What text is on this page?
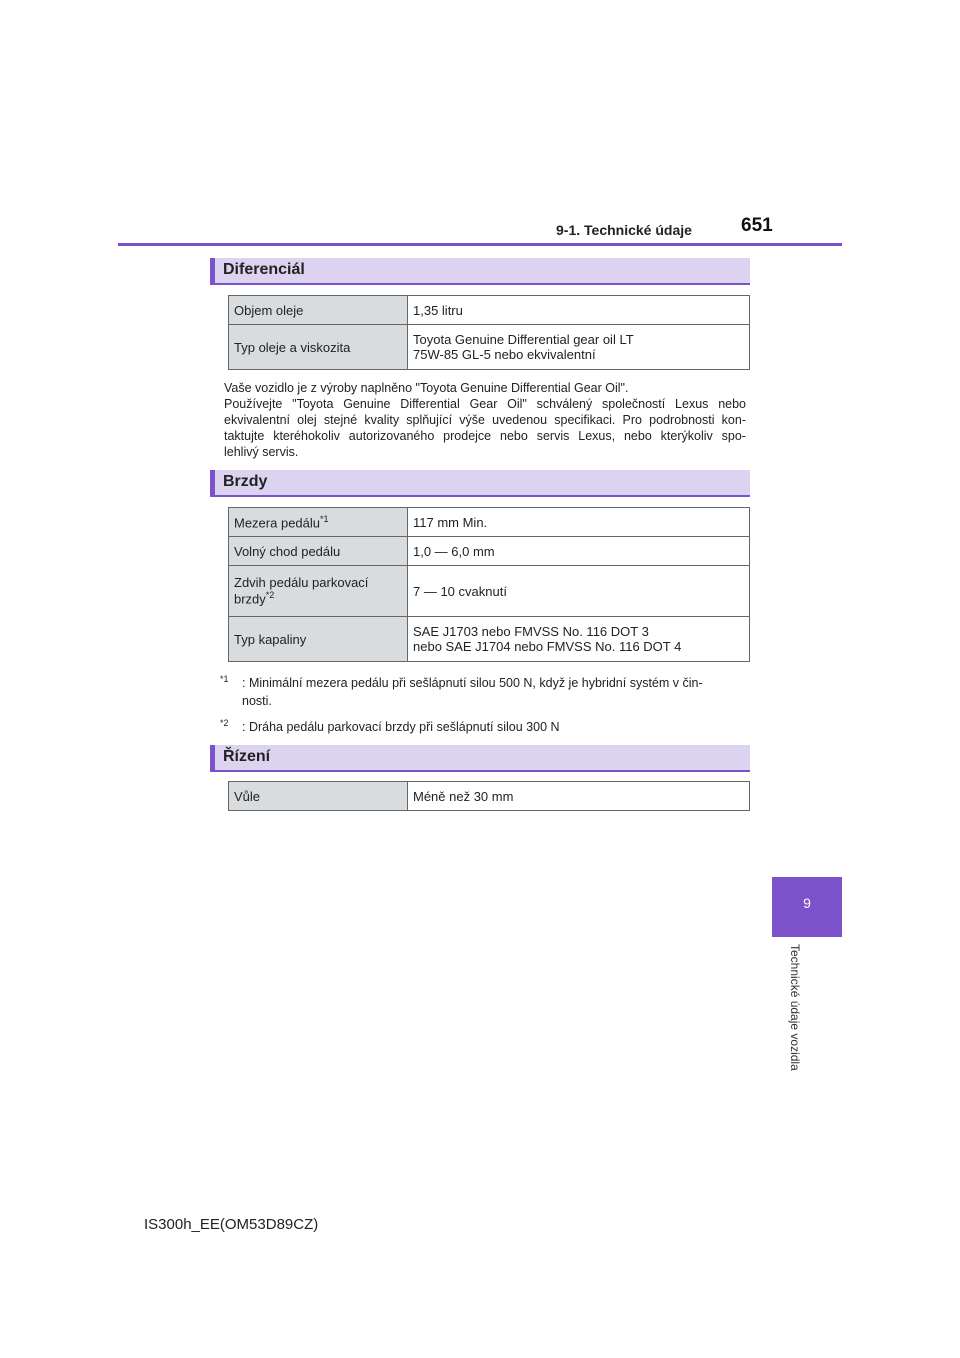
9-1. Technické údaje	651
9
Technické údaje vozidla
Diferenciál
Objem oleje	1,35 litru

Typ oleje a viskozita	Toyota Genuine Differential gear oil LT
75W-85 GL-5 nebo ekvivalentní
Vaše vozidlo je z výroby naplněno "Toyota Genuine Differential Gear Oil".
Používejte "Toyota Genuine Differential Gear Oil" schválený společností Lexus nebo
ekvivalentní olej stejné kvality splňující výše uvedenou specifikaci. Pro podrobnosti kon-
taktujte kteréhokoliv autorizovaného prodejce nebo servis Lexus, nebo kterýkoliv spo-
lehlivý servis.
Brzdy
Mezera pedálu$^{*1}$	117 mm Min.

Volný chod pedálu	1,0 — 6,0 mm

Zdvih pedálu parkovací
brzdy$^{*2}$	7 — 10 cvaknutí

Typ kapaliny	SAE J1703 nebo FMVSS No. 116 DOT 3
nebo SAE J1704 nebo FMVSS No. 116 DOT 4
$^{*1}$ : Minimální mezera pedálu při sešlápnutí silou 500 N, když je hybridní systém v čin-
nosti.
$^{*2}$ : Dráha pedálu parkovací brzdy při sešlápnutí silou 300 N
Řízení
Vůle	Méně než 30 mm
IS300h_EE(OM53D89CZ)
